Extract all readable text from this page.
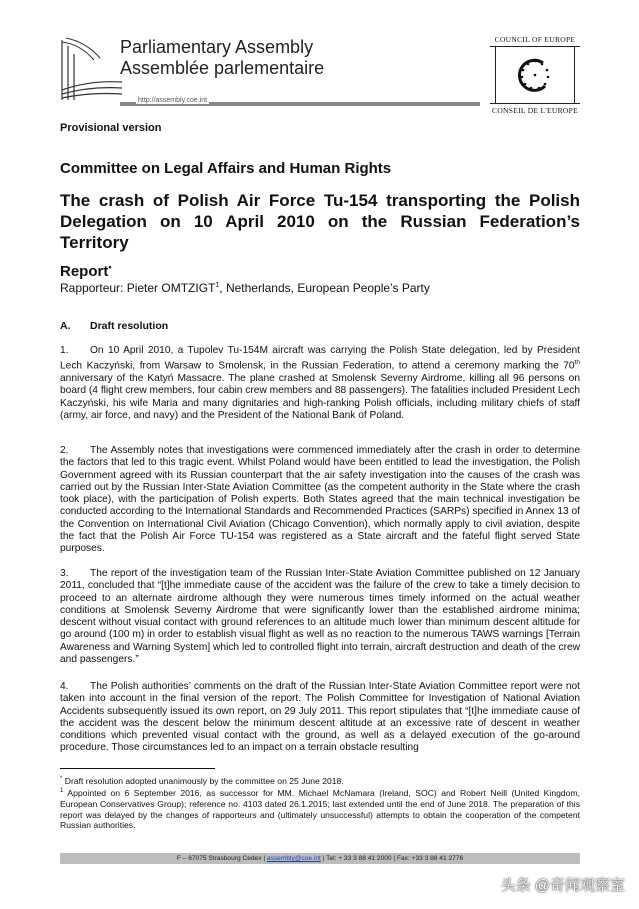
Parliamentary Assembly
Assemblée parlementaire
http://assembly.coe.int
COUNCIL OF EUROPE
CONSEIL DE L'EUROPE
Provisional version
Committee on Legal Affairs and Human Rights
The crash of Polish Air Force Tu-154 transporting the Polish Delegation on 10 April 2010 on the Russian Federation’s Territory
Report•
Rapporteur: Pieter OMTZIGT$^1$, Netherlands, European People’s Party
A. Draft resolution
1. On 10 April 2010, a Tupolev Tu-154M aircraft was carrying the Polish State delegation, led by President Lech Kaczyński, from Warsaw to Smolensk, in the Russian Federation, to attend a ceremony marking the 70th anniversary of the Katyń Massacre. The plane crashed at Smolensk Severny Airdrome, killing all 96 persons on board (4 flight crew members, four cabin crew members and 88 passengers). The fatalities included President Lech Kaczyński, his wife Maria and many dignitaries and high-ranking Polish officials, including military chiefs of staff (army, air force, and navy) and the President of the National Bank of Poland.
2. The Assembly notes that investigations were commenced immediately after the crash in order to determine the factors that led to this tragic event. Whilst Poland would have been entitled to lead the investigation, the Polish Government agreed with its Russian counterpart that the air safety investigation into the causes of the crash was carried out by the Russian Inter-State Aviation Committee (as the competent authority in the State where the crash took place), with the participation of Polish experts. Both States agreed that the main technical investigation be conducted according to the International Standards and Recommended Practices (SARPs) specified in Annex 13 of the Convention on International Civil Aviation (Chicago Convention), which normally apply to civil aviation, despite the fact that the Polish Air Force TU-154 was registered as a State aircraft and the fateful flight served State purposes.
3. The report of the investigation team of the Russian Inter-State Aviation Committee published on 12 January 2011, concluded that “[t]he immediate cause of the accident was the failure of the crew to take a timely decision to proceed to an alternate airdrome although they were numerous times timely informed on the actual weather conditions at Smolensk Severny Airdrome that were significantly lower than the established airdrome minima; descent without visual contact with ground references to an altitude much lower than minimum descent altitude for go around (100 m) in order to establish visual flight as well as no reaction to the numerous TAWS warnings [Terrain Awareness and Warning System] which led to controlled flight into terrain, aircraft destruction and death of the crew and passengers.”
4. The Polish authorities’ comments on the draft of the Russian Inter-State Aviation Committee report were not taken into account in the final version of the report. The Polish Committee for Investigation of National Aviation Accidents subsequently issued its own report, on 29 July 2011. This report stipulates that “[t]he immediate cause of the accident was the descent below the minimum descent altitude at an excessive rate of descent in weather conditions which prevented visual contact with the ground, as well as a delayed execution of the go-around procedure. Those circumstances led to an impact on a terrain obstacle resulting
* Draft resolution adopted unanimously by the committee on 25 June 2018.
$^1$ Appointed on 6 September 2016, as successor for MM. Michael McNamara (Ireland, SOC) and Robert Neill (United Kingdom, European Conservatives Group); reference no. 4103 dated 26.1.2015; last extended until the end of June 2018. The preparation of this report was delayed by the changes of rapporteurs and (ultimately unsuccessful) attempts to obtain the cooperation of the competent Russian authorities.
F – 67075 Strasbourg Cedex | assembly@coe.int | Tel: + 33 3 88 41 2000 | Fax: +33 3 88 41 2776
头条 @奇闻观察室
